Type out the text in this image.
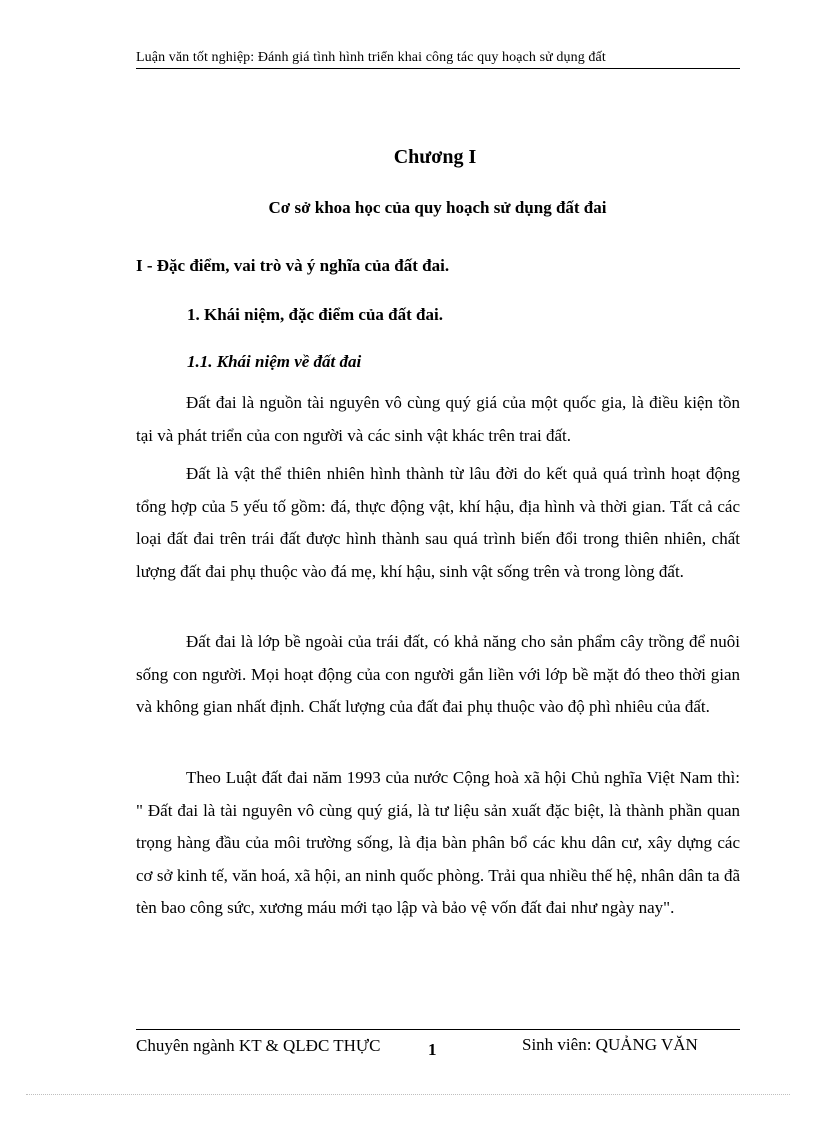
Luận văn tốt nghiệp: Đánh giá tình hình triển khai công tác quy hoạch sử dụng đất
Chương I
Cơ sở khoa học của quy hoạch sử dụng đất đai
I - Đặc điểm, vai trò và ý nghĩa của đất đai.
1. Khái niệm, đặc điểm của đất đai.
1.1. Khái niệm về đất đai

Đất đai là nguồn tài nguyên vô cùng quý giá của một quốc gia, là điều kiện tồn tại và phát triển của con người và các sinh vật khác trên trai đất.

Đất là vật thể thiên nhiên hình thành từ lâu đời do kết quả quá trình hoạt động tổng hợp của 5 yếu tố gồm: đá, thực động vật, khí hậu, địa hình và thời gian. Tất cả các loại đất đai trên trái đất được hình thành sau quá trình biến đổi trong thiên nhiên, chất lượng đất đai phụ thuộc vào đá mẹ, khí hậu, sinh vật sống trên và trong lòng đất.

Đất đai là lớp bề ngoài của trái đất, có khả năng cho sản phẩm cây trồng để nuôi sống con người. Mọi hoạt động của con người gắn liền với lớp bề mặt đó theo thời gian và không gian nhất định. Chất lượng của đất đai phụ thuộc vào độ phì nhiêu của đất.

Theo Luật đất đai năm 1993 của nước Cộng hoà xã hội Chủ nghĩa Việt Nam thì: " Đất đai là tài nguyên vô cùng quý giá, là tư liệu sản xuất đặc biệt, là thành phần quan trọng hàng đầu của môi trường sống, là địa bàn phân bổ các khu dân cư, xây dựng các cơ sở kinh tế, văn hoá, xã hội, an ninh quốc phòng. Trải qua nhiều thế hệ, nhân dân ta đã tèn bao công sức, xương máu mới tạo lập và bảo vệ vốn đất đai như ngày nay".

Chuyên ngành KT & QLĐC THỰC	1	Sinh viên: QUẢNG VĂN
